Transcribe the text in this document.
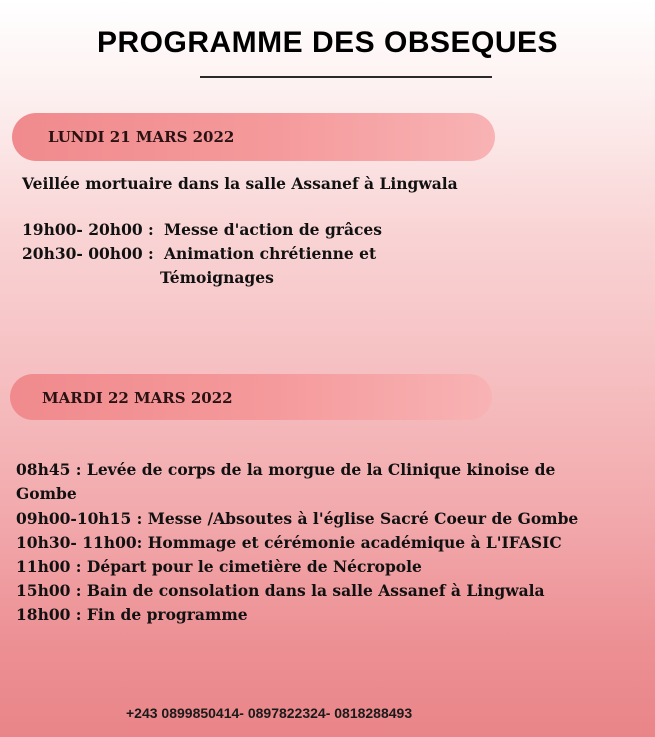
PROGRAMME DES OBSEQUES
LUNDI 21 MARS 2022
Veillée mortuaire dans la salle Assanef à Lingwala
19h00- 20h00 : Messe d'action de grâces
20h30- 00h00 : Animation chrétienne et
Témoignages
MARDI 22 MARS 2022
08h45 : Levée de corps de la morgue de la Clinique kinoise de
Gombe
09h00-10h15 : Messe /Absoutes à l'église Sacré Coeur de Gombe
10h30- 11h00: Hommage et cérémonie académique à L'IFASIC
11h00 : Départ pour le cimetière de Nécropole
15h00 : Bain de consolation dans la salle Assanef à Lingwala
18h00 : Fin de programme
+243 0899850414- 0897822324- 0818288493
